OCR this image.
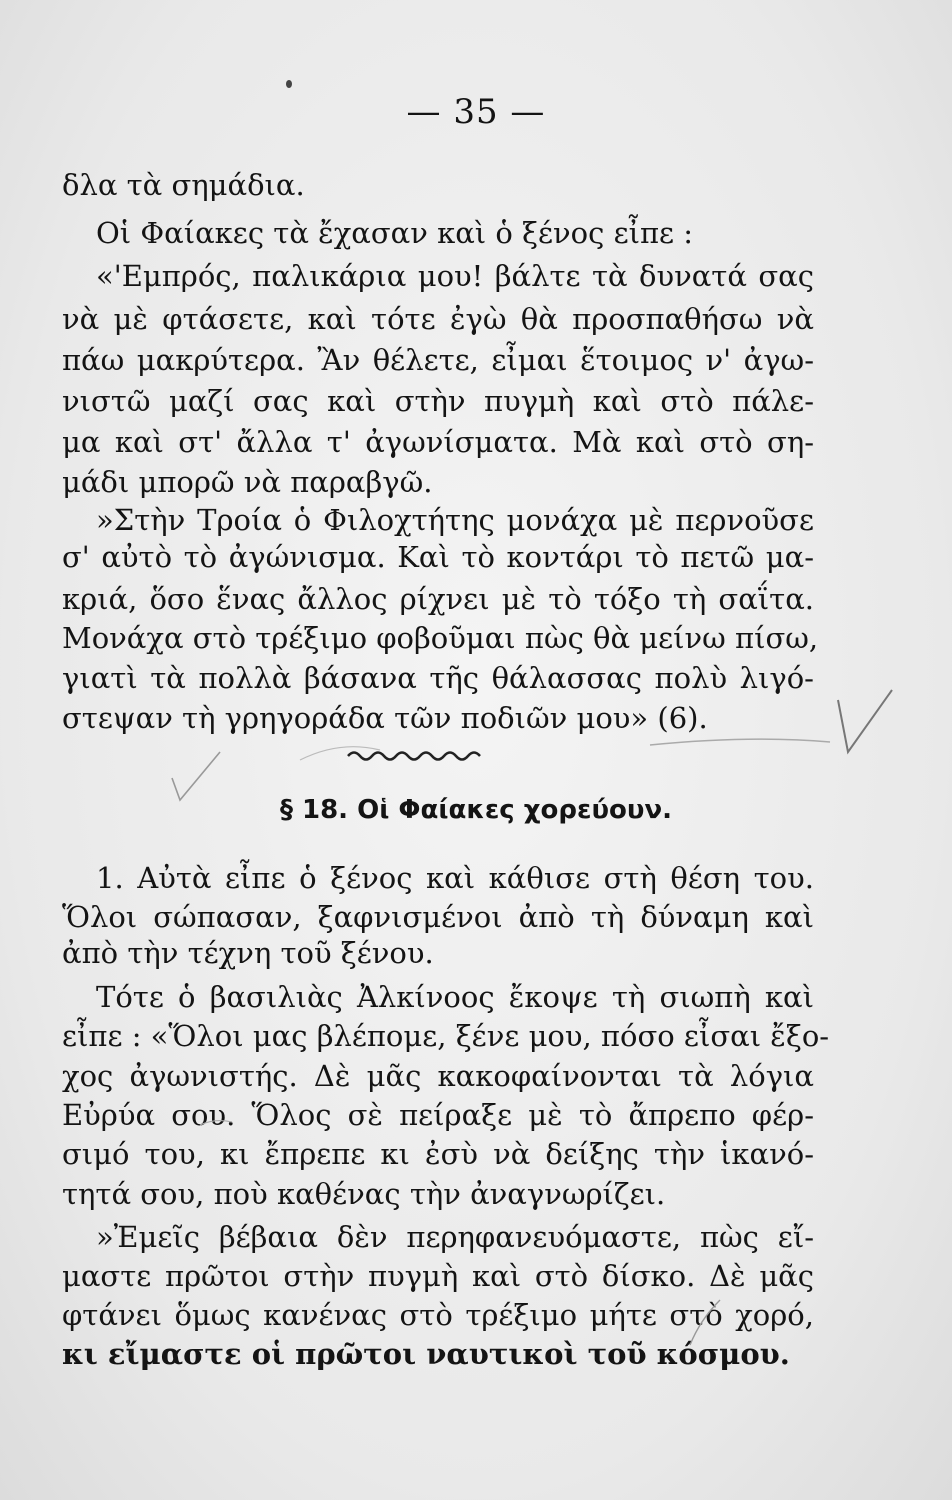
— 35 —
δλα τὰ σημάδια.
Οἱ Φαίακες τὰ ἔχασαν καὶ ὁ ξένος εἶπε :
«'Εμπρός, παλικάρια μου! βάλτε τὰ δυνατά σας
νὰ μὲ φτάσετε, καὶ τότε ἐγὼ θὰ προσπαθήσω νὰ
πάω μακρύτερα. Ἂν θέλετε, εἶμαι ἕτοιμος ν' ἀγω-
νιστῶ μαζί σας καὶ στὴν πυγμὴ καὶ στὸ πάλε-
μα καὶ στ' ἄλλα τ' ἀγωνίσματα. Μὰ καὶ στὸ ση-
μάδι μπορῶ νὰ παραβγῶ.
»Στὴν Τροία ὁ Φιλοχτήτης μονάχα μὲ περνοῦσε
σ' αὐτὸ τὸ ἀγώνισμα. Καὶ τὸ κοντάρι τὸ πετῶ μα-
κριά, ὅσο ἕνας ἄλλος ρίχνει μὲ τὸ τόξο τὴ σαΐτα.
Μονάχα στὸ τρέξιμο φοβοῦμαι πὼς θὰ μείνω πίσω,
γιατὶ τὰ πολλὰ βάσανα τῆς θάλασσας πολὺ λιγό-
στεψαν τὴ γρηγοράδα τῶν ποδιῶν μου» (6).
§ 18. Οἱ Φαίακες χορεύουν.
1. Αὐτὰ εἶπε ὁ ξένος καὶ κάθισε στὴ θέση του.
Ὅλοι σώπασαν, ξαφνισμένοι ἀπὸ τὴ δύναμη καὶ
ἀπὸ τὴν τέχνη τοῦ ξένου.
Τότε ὁ βασιλιὰς Ἀλκίνοος ἔκοψε τὴ σιωπὴ καὶ
εἶπε : «Ὅλοι μας βλέπομε, ξένε μου, πόσο εἶσαι ἔξο-
χος ἀγωνιστής. Δὲ μᾶς κακοφαίνονται τὰ λόγια
Εὐρύα σου. Ὅλος σὲ πείραξε μὲ τὸ ἄπρεπο φέρ-
σιμό του, κι ἔπρεπε κι ἐσὺ νὰ δείξης τὴν ἱκανό-
τητά σου, ποὺ καθένας τὴν ἀναγνωρίζει.
»Ἐμεῖς βέβαια δὲν περηφανευόμαστε, πὼς εἴ-
μαστε πρῶτοι στὴν πυγμὴ καὶ στὸ δίσκο. Δὲ μᾶς
φτάνει ὅμως κανένας στὸ τρέξιμο μήτε στὸ χορό,
κι εἴμαστε οἱ πρῶτοι ναυτικοὶ τοῦ κόσμου.
